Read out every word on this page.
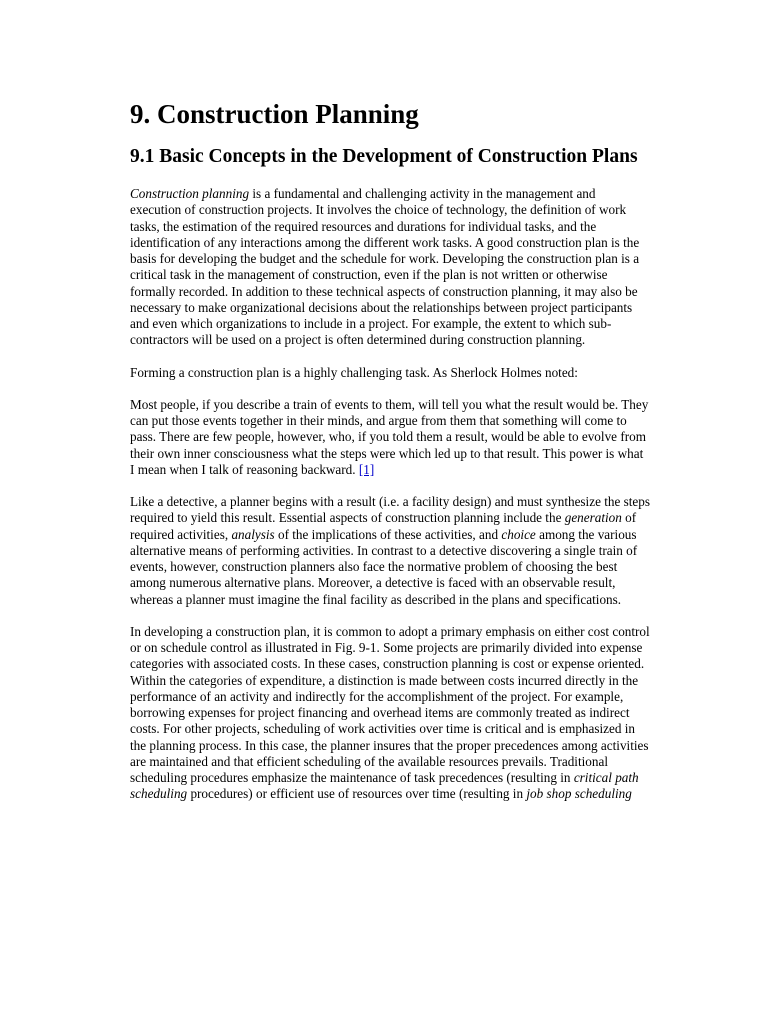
9. Construction Planning
9.1 Basic Concepts in the Development of Construction Plans

Construction planning is a fundamental and challenging activity in the management and execution of construction projects. It involves the choice of technology, the definition of work tasks, the estimation of the required resources and durations for individual tasks, and the identification of any interactions among the different work tasks. A good construction plan is the basis for developing the budget and the schedule for work. Developing the construction plan is a critical task in the management of construction, even if the plan is not written or otherwise formally recorded. In addition to these technical aspects of construction planning, it may also be necessary to make organizational decisions about the relationships between project participants and even which organizations to include in a project. For example, the extent to which sub-contractors will be used on a project is often determined during construction planning.

Forming a construction plan is a highly challenging task. As Sherlock Holmes noted:

Most people, if you describe a train of events to them, will tell you what the result would be. They can put those events together in their minds, and argue from them that something will come to pass. There are few people, however, who, if you told them a result, would be able to evolve from their own inner consciousness what the steps were which led up to that result. This power is what I mean when I talk of reasoning backward. [1]

Like a detective, a planner begins with a result (i.e. a facility design) and must synthesize the steps required to yield this result. Essential aspects of construction planning include the generation of required activities, analysis of the implications of these activities, and choice among the various alternative means of performing activities. In contrast to a detective discovering a single train of events, however, construction planners also face the normative problem of choosing the best among numerous alternative plans. Moreover, a detective is faced with an observable result, whereas a planner must imagine the final facility as described in the plans and specifications.

In developing a construction plan, it is common to adopt a primary emphasis on either cost control or on schedule control as illustrated in Fig. 9-1. Some projects are primarily divided into expense categories with associated costs. In these cases, construction planning is cost or expense oriented. Within the categories of expenditure, a distinction is made between costs incurred directly in the performance of an activity and indirectly for the accomplishment of the project. For example, borrowing expenses for project financing and overhead items are commonly treated as indirect costs. For other projects, scheduling of work activities over time is critical and is emphasized in the planning process. In this case, the planner insures that the proper precedences among activities are maintained and that efficient scheduling of the available resources prevails. Traditional scheduling procedures emphasize the maintenance of task precedences (resulting in critical path scheduling procedures) or efficient use of resources over time (resulting in job shop scheduling
